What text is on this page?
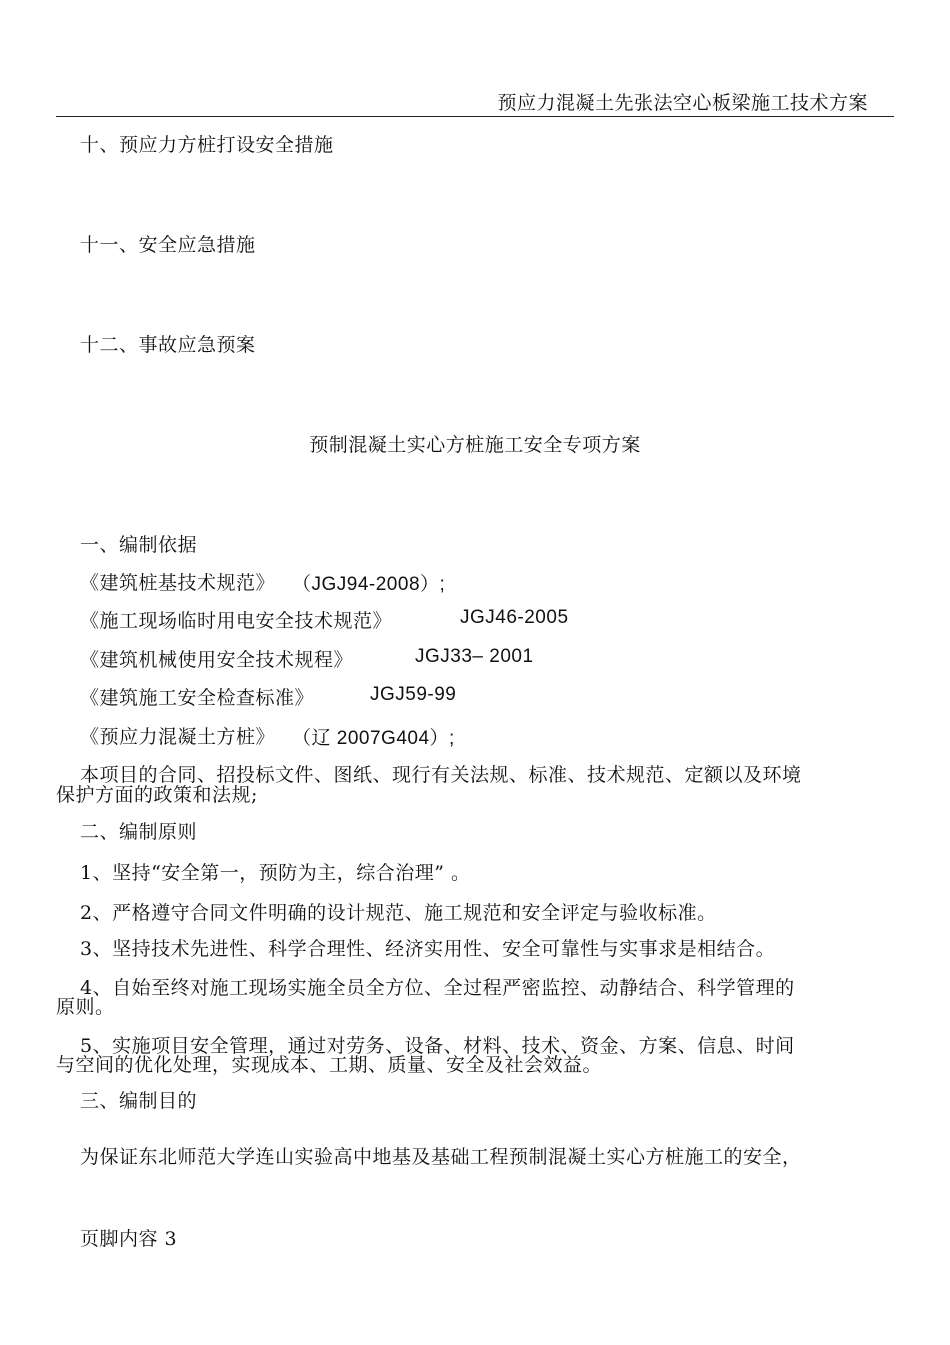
预应力混凝土先张法空心板梁施工技术方案
十、预应力方桩打设安全措施
十一、安全应急措施
十二、事故应急预案
预制混凝土实心方桩施工安全专项方案
一、编制依据
《建筑桩基技术规范》 （JGJ94-2008）;
《施工现场临时用电安全技术规范》	JGJ46-2005
《建筑机械使用安全技术规程》	JGJ33– 2001
《建筑施工安全检查标准》	JGJ59-99
《预应力混凝土方桩》 （辽 2007G404）;
本项目的合同、招投标文件、图纸、现行有关法规、标准、技术规范、定额以及环境
保护方面的政策和法规;
二、编制原则
1、坚持“安全第一，预防为主，综合治理” 。
2、严格遵守合同文件明确的设计规范、施工规范和安全评定与验收标准。
3、坚持技术先进性、科学合理性、经济实用性、安全可靠性与实事求是相结合。
4、自始至终对施工现场实施全员全方位、全过程严密监控、动静结合、科学管理的
原则。
5、实施项目安全管理，通过对劳务、设备、材料、技术、资金、方案、信息、时间
与空间的优化处理，实现成本、工期、质量、安全及社会效益。
三、编制目的
为保证东北师范大学连山实验高中地基及基础工程预制混凝土实心方桩施工的安全，
页脚内容 3
